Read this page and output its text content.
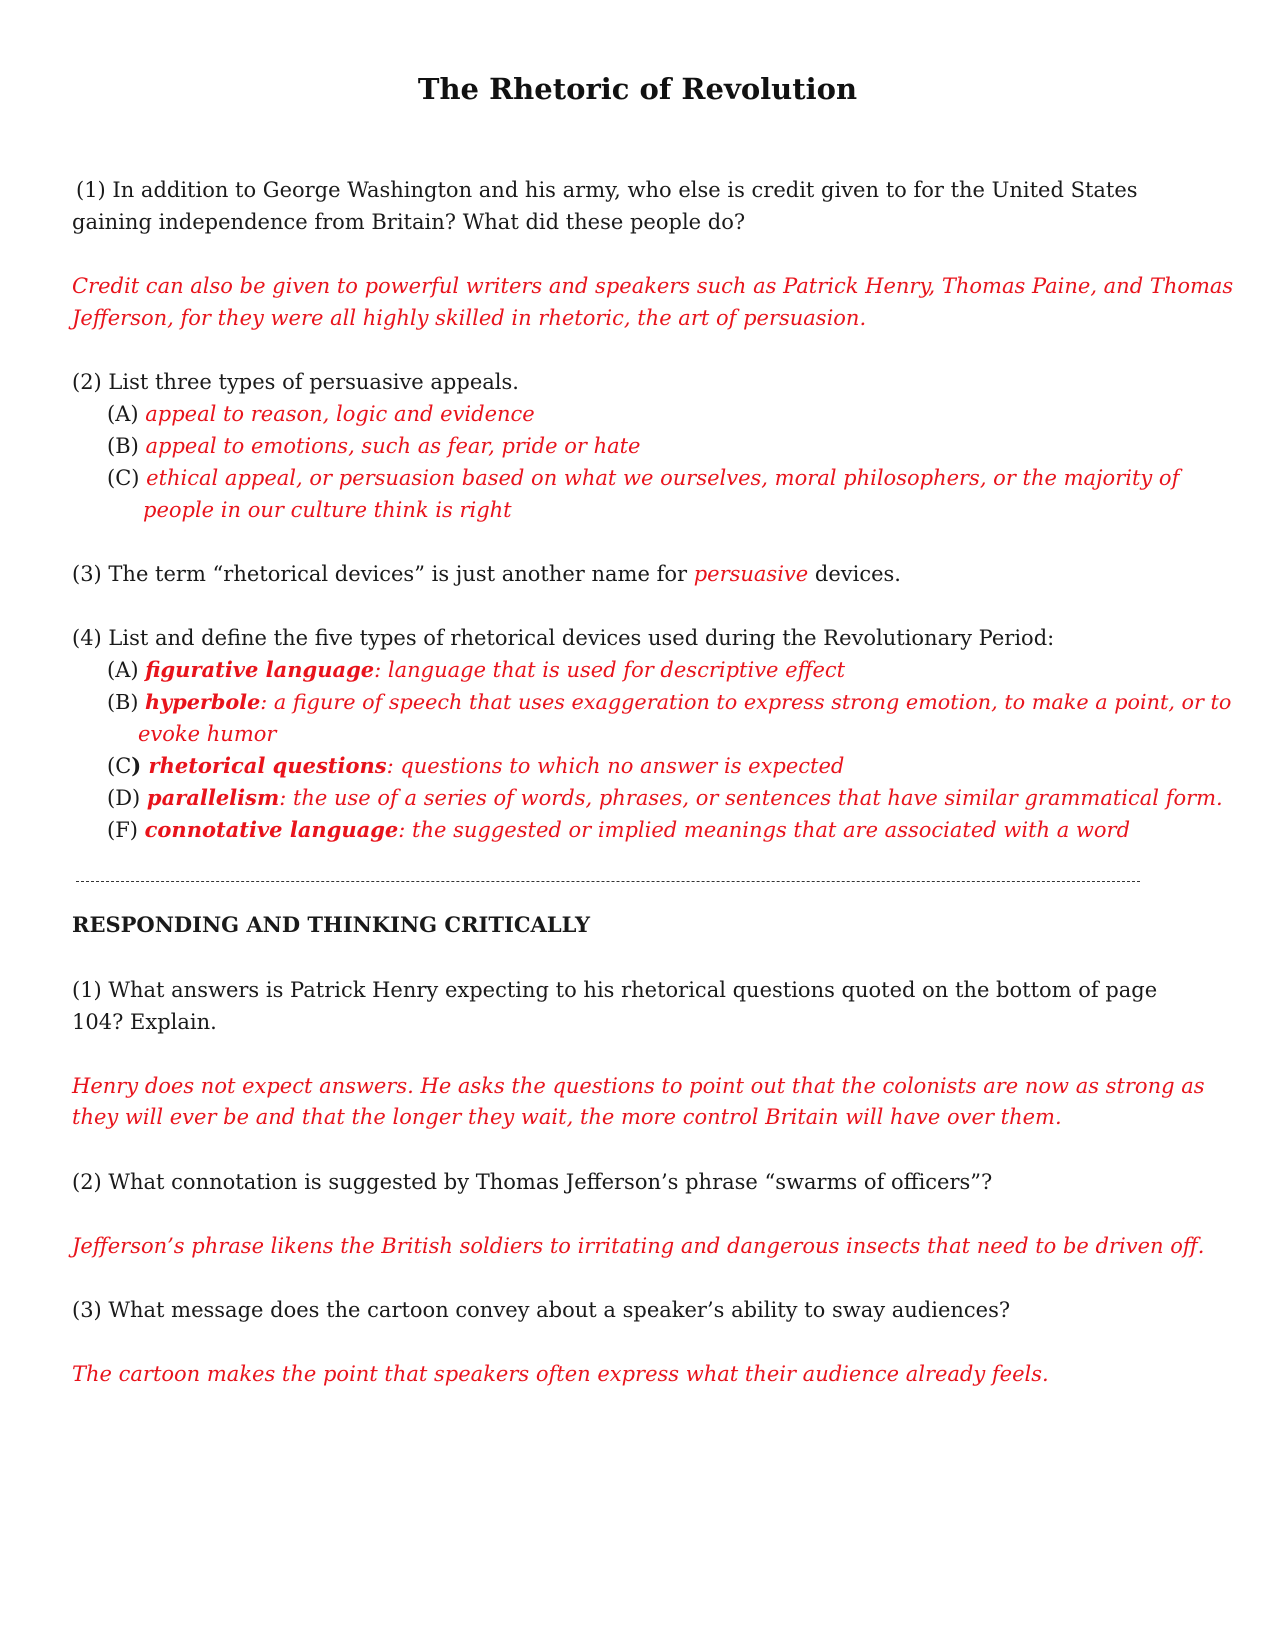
The Rhetoric of Revolution
(1) In addition to George Washington and his army, who else is credit given to for the United States
gaining independence from Britain? What did these people do?
Credit can also be given to powerful writers and speakers such as Patrick Henry, Thomas Paine, and Thomas
Jefferson, for they were all highly skilled in rhetoric, the art of persuasion.
(2) List three types of persuasive appeals.
(A) appeal to reason, logic and evidence
(B) appeal to emotions, such as fear, pride or hate
(C) ethical appeal, or persuasion based on what we ourselves, moral philosophers, or the majority of
people in our culture think is right
(3) The term “rhetorical devices” is just another name for persuasive devices.
(4) List and define the five types of rhetorical devices used during the Revolutionary Period:
(A) figurative language: language that is used for descriptive effect
(B) hyperbole: a figure of speech that uses exaggeration to express strong emotion, to make a point, or to
evoke humor
(C) rhetorical questions: questions to which no answer is expected
(D) parallelism: the use of a series of words, phrases, or sentences that have similar grammatical form.
(F) connotative language: the suggested or implied meanings that are associated with a word
RESPONDING AND THINKING CRITICALLY
(1) What answers is Patrick Henry expecting to his rhetorical questions quoted on the bottom of page
104? Explain.
Henry does not expect answers. He asks the questions to point out that the colonists are now as strong as
they will ever be and that the longer they wait, the more control Britain will have over them.
(2) What connotation is suggested by Thomas Jefferson’s phrase “swarms of officers”?
Jefferson’s phrase likens the British soldiers to irritating and dangerous insects that need to be driven off.
(3) What message does the cartoon convey about a speaker’s ability to sway audiences?
The cartoon makes the point that speakers often express what their audience already feels.
